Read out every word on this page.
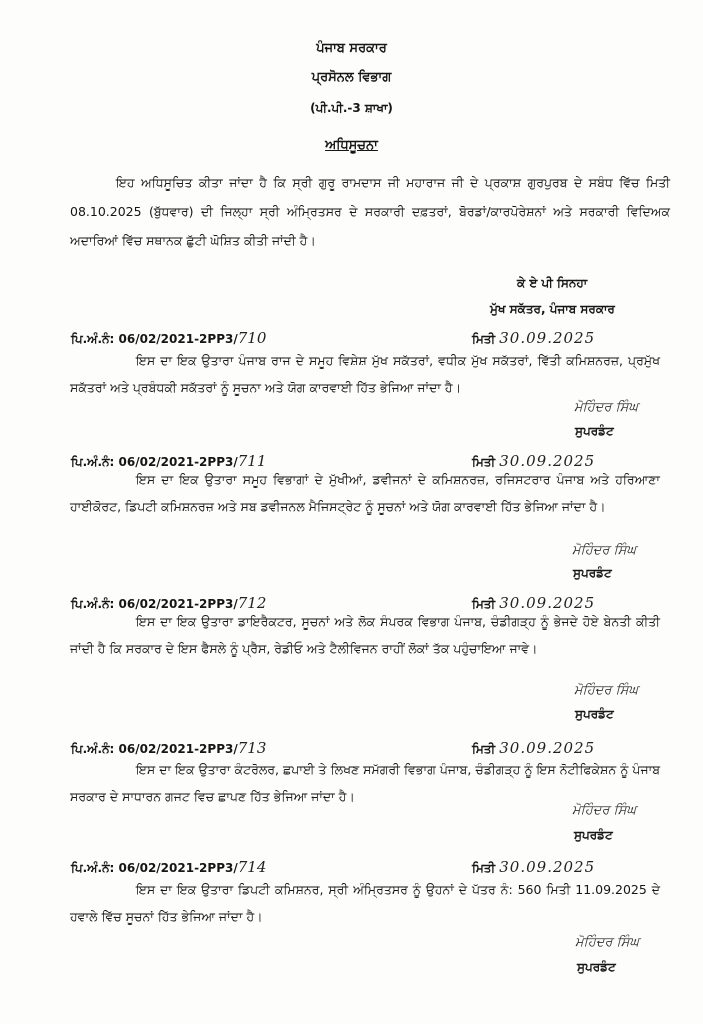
ਪੰਜਾਬ ਸਰਕਾਰ
ਪ੍ਰਸੋਨਲ ਵਿਭਾਗ
(ਪੀ.ਪੀ.-3 ਸ਼ਾਖਾ)
ਅਧਿਸੂਚਨਾ
ਇਹ ਅਧਿਸੂਚਿਤ ਕੀਤਾ ਜਾਂਦਾ ਹੈ ਕਿ ਸ੍ਰੀ ਗੁਰੂ ਰਾਮਦਾਸ ਜੀ ਮਹਾਰਾਜ ਜੀ ਦੇ ਪ੍ਰਕਾਸ਼ ਗੁਰਪੁਰਬ ਦੇ ਸਬੰਧ ਵਿੱਚ ਮਿਤੀ 08.10.2025 (ਬੁੱਧਵਾਰ) ਦੀ ਜਿਲ੍ਹਾ ਸ੍ਰੀ ਅੰਮ੍ਰਿਤਸਰ ਦੇ ਸਰਕਾਰੀ ਦਫ਼ਤਰਾਂ, ਬੋਰਡਾਂ/ਕਾਰਪੋਰੇਸ਼ਨਾਂ ਅਤੇ ਸਰਕਾਰੀ ਵਿਦਿਅਕ ਅਦਾਰਿਆਂ ਵਿੱਚ ਸਥਾਨਕ ਛੁੱਟੀ ਘੋਸ਼ਿਤ ਕੀਤੀ ਜਾਂਦੀ ਹੈ।
ਕੇ ਏ ਪੀ ਸਿਨਹਾ
ਮੁੱਖ ਸਕੱਤਰ, ਪੰਜਾਬ ਸਰਕਾਰ
ਪਿ.ਅੰ.ਨੰ: 06/02/2021-2PP3/710	ਮਿਤੀ 30.09.2025
ਇਸ ਦਾ ਇਕ ਉਤਾਰਾ ਪੰਜਾਬ ਰਾਜ ਦੇ ਸਮੂਹ ਵਿਸ਼ੇਸ਼ ਮੁੱਖ ਸਕੱਤਰਾਂ, ਵਧੀਕ ਮੁੱਖ ਸਕੱਤਰਾਂ, ਵਿੱਤੀ ਕਮਿਸ਼ਨਰਜ਼, ਪ੍ਰਮੁੱਖ ਸਕੱਤਰਾਂ ਅਤੇ ਪ੍ਰਬੰਧਕੀ ਸਕੱਤਰਾਂ ਨੂੰ ਸੂਚਨਾ ਅਤੇ ਯੋਗ ਕਾਰਵਾਈ ਹਿੱਤ ਭੇਜਿਆ ਜਾਂਦਾ ਹੈ।
ਮੋਹਿੰਦਰ ਸਿੰਘ
ਸੁਪਰਡੰਟ
ਪਿ.ਅੰ.ਨੰ: 06/02/2021-2PP3/711	ਮਿਤੀ 30.09.2025
ਇਸ ਦਾ ਇਕ ਉਤਾਰਾ ਸਮੂਹ ਵਿਭਾਗਾਂ ਦੇ ਮੁੱਖੀਆਂ, ਡਵੀਜਨਾਂ ਦੇ ਕਮਿਸ਼ਨਰਜ਼, ਰਜਿਸਟਰਾਰ ਪੰਜਾਬ ਅਤੇ ਹਰਿਆਣਾ ਹਾਈਕੋਰਟ, ਡਿਪਟੀ ਕਮਿਸ਼ਨਰਜ਼ ਅਤੇ ਸਬ ਡਵੀਜਨਲ ਮੈਜਿਸਟ੍ਰੇਟ ਨੂੰ ਸੂਚਨਾਂ ਅਤੇ ਯੋਗ ਕਾਰਵਾਈ ਹਿੱਤ ਭੇਜਿਆ ਜਾਂਦਾ ਹੈ।
ਮੋਹਿੰਦਰ ਸਿੰਘ
ਸੁਪਰਡੰਟ
ਪਿ.ਅੰ.ਨੰ: 06/02/2021-2PP3/712	ਮਿਤੀ 30.09.2025
ਇਸ ਦਾ ਇਕ ਉਤਾਰਾ ਡਾਇਰੈਕਟਰ, ਸੂਚਨਾਂ ਅਤੇ ਲੋਕ ਸੰਪਰਕ ਵਿਭਾਗ ਪੰਜਾਬ, ਚੰਡੀਗੜ੍ਹ ਨੂੰ ਭੇਜਦੇ ਹੋਏ ਬੇਨਤੀ ਕੀਤੀ ਜਾਂਦੀ ਹੈ ਕਿ ਸਰਕਾਰ ਦੇ ਇਸ ਫੈਸਲੇ ਨੂੰ ਪ੍ਰੈਸ, ਰੇਡੀਓ ਅਤੇ ਟੈਲੀਵਿਜਨ ਰਾਹੀਂ ਲੋਕਾਂ ਤੱਕ ਪਹੁੰਚਾਇਆ ਜਾਵੇ।
ਮੋਹਿੰਦਰ ਸਿੰਘ
ਸੁਪਰਡੰਟ
ਪਿ.ਅੰ.ਨੰ: 06/02/2021-2PP3/713	ਮਿਤੀ 30.09.2025
ਇਸ ਦਾ ਇਕ ਉਤਾਰਾ ਕੰਟਰੋਲਰ, ਛਪਾਈ ਤੇ ਲਿਖਣ ਸਮੱਗਰੀ ਵਿਭਾਗ ਪੰਜਾਬ, ਚੰਡੀਗੜ੍ਹ ਨੂੰ ਇਸ ਨੋਟੀਫਿਕੇਸ਼ਨ ਨੂੰ ਪੰਜਾਬ ਸਰਕਾਰ ਦੇ ਸਾਧਾਰਨ ਗਜਟ ਵਿਚ ਛਾਪਣ ਹਿੱਤ ਭੇਜਿਆ ਜਾਂਦਾ ਹੈ।
ਮੋਹਿੰਦਰ ਸਿੰਘ
ਸੁਪਰਡੰਟ
ਪਿ.ਅੰ.ਨੰ: 06/02/2021-2PP3/714	ਮਿਤੀ 30.09.2025
ਇਸ ਦਾ ਇਕ ਉਤਾਰਾ ਡਿਪਟੀ ਕਮਿਸ਼ਨਰ, ਸ੍ਰੀ ਅੰਮ੍ਰਿਤਸਰ ਨੂੰ ਉਹਨਾਂ ਦੇ ਪੱਤਰ ਨੰ: 560 ਮਿਤੀ 11.09.2025 ਦੇ ਹਵਾਲੇ ਵਿੱਚ ਸੂਚਨਾਂ ਹਿੱਤ ਭੇਜਿਆ ਜਾਂਦਾ ਹੈ।
ਮੋਹਿੰਦਰ ਸਿੰਘ
ਸੁਪਰਡੰਟ
